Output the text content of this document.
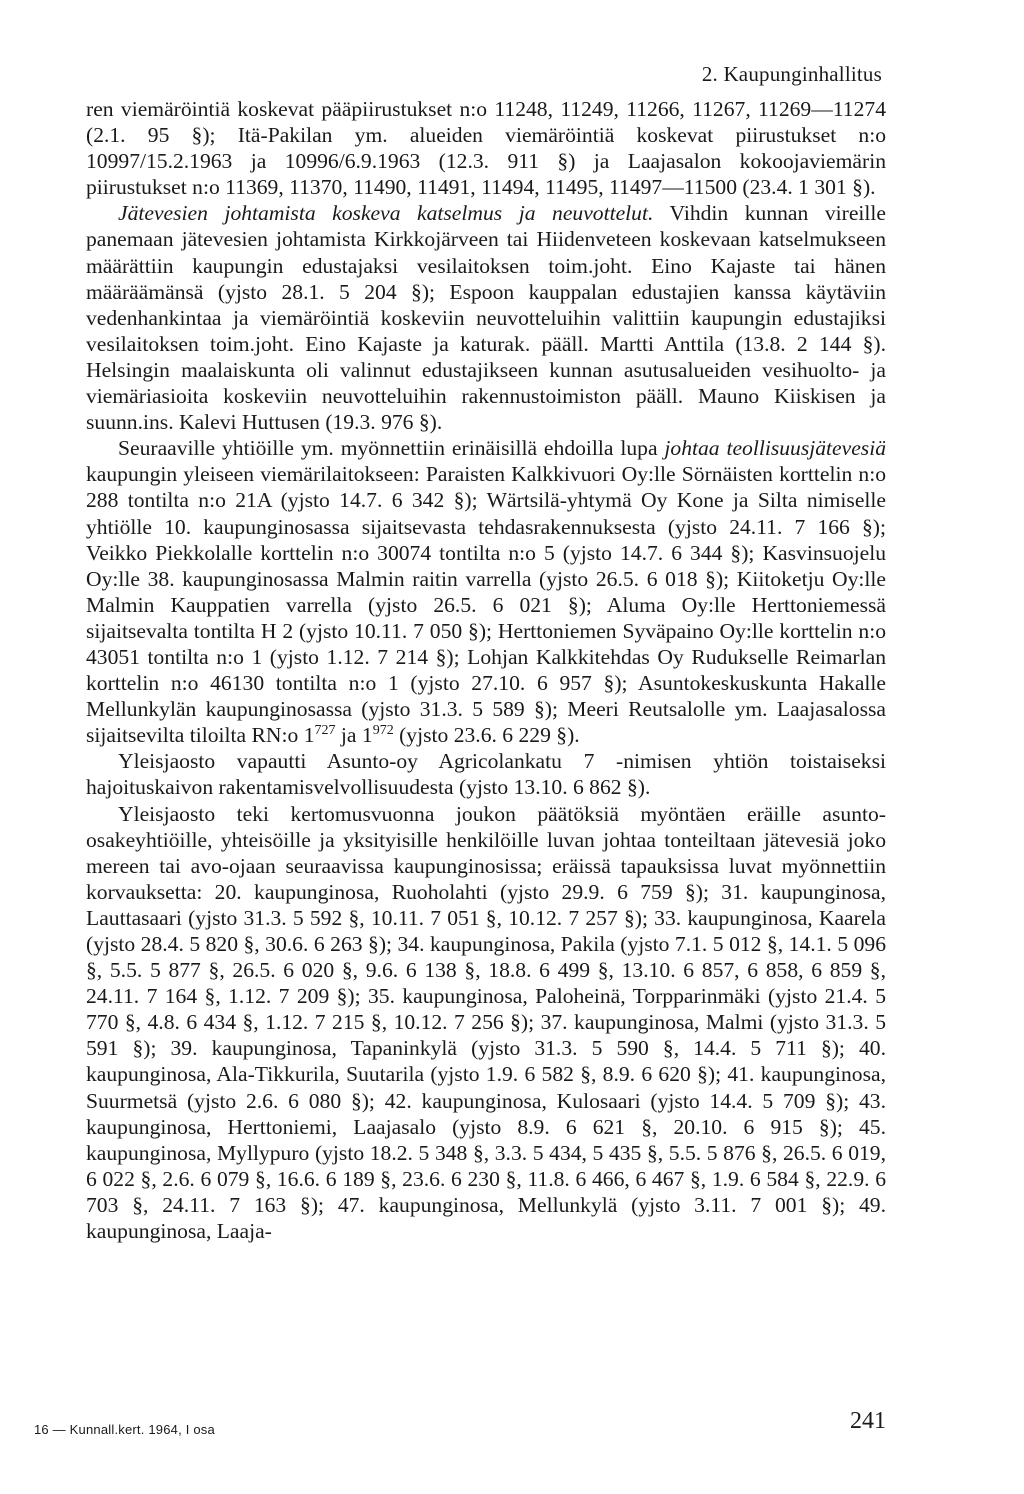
2. Kaupunginhallitus

ren viemäröintiä koskevat pääpiirustukset n:o 11248, 11249, 11266, 11267, 11269—11274 (2.1. 95 §); Itä-Pakilan ym. alueiden viemäröintiä koskevat piirustukset n:o 10997/15.2.1963 ja 10996/6.9.1963 (12.3. 911 §) ja Laajasalon kokoojaviemärin piirustukset n:o 11369, 11370, 11490, 11491, 11494, 11495, 11497—11500 (23.4. 1 301 §).

Jätevesien johtamista koskeva katselmus ja neuvottelut. Vihdin kunnan vireille panemaan jätevesien johtamista Kirkkojärveen tai Hiidenveteen koskevaan katselmukseen määrättiin kaupungin edustajaksi vesilaitoksen toim.joht. Eino Kajaste tai hänen määräämänsä (yjsto 28.1. 5 204 §); Espoon kauppalan edustajien kanssa käytäviin vedenhankintaa ja viemäröintiä koskeviin neuvotteluihin valittiin kaupungin edustajiksi vesilaitoksen toim.joht. Eino Kajaste ja katurak. pääll. Martti Anttila (13.8. 2 144 §). Helsingin maalaiskunta oli valinnut edustajikseen kunnan asutusalueiden vesihuolto- ja viemäriasioita koskeviin neuvotteluihin rakennustoimiston pääll. Mauno Kiiskisen ja suunn.ins. Kalevi Huttusen (19.3. 976 §).

Seuraaville yhtiöille ym. myönnettiin erinäisillä ehdoilla lupa johtaa teollisuusjätevesiä kaupungin yleiseen viemärilaitokseen: Paraisten Kalkkivuori Oy:lle Sörnäisten korttelin n:o 288 tontilta n:o 21A (yjsto 14.7. 6 342 §); Wärtsilä-yhtymä Oy Kone ja Silta nimiselle yhtiölle 10. kaupunginosassa sijaitsevasta tehdasrakennuksesta (yjsto 24.11. 7 166 §); Veikko Piekkolalle korttelin n:o 30074 tontilta n:o 5 (yjsto 14.7. 6 344 §); Kasvinsuojelu Oy:lle 38. kaupunginosassa Malmin raitin varrella (yjsto 26.5. 6 018 §); Kiitoketju Oy:lle Malmin Kauppatien varrella (yjsto 26.5. 6 021 §); Aluma Oy:lle Herttoniemessä sijaitsevalta tontilta H 2 (yjsto 10.11. 7 050 §); Herttoniemen Syväpaino Oy:lle korttelin n:o 43051 tontilta n:o 1 (yjsto 1.12. 7 214 §); Lohjan Kalkkitehdas Oy Rudukselle Reimarlan korttelin n:o 46130 tontilta n:o 1 (yjsto 27.10. 6 957 §); Asuntokeskuskunta Hakalle Mellunkylän kaupunginosassa (yjsto 31.3. 5 589 §); Meeri Reutsalolle ym. Laajasalossa sijaitsevilta tiloilta RN:o $1^{727}$ ja $1^{972}$ (yjsto 23.6. 6 229 §).

Yleisjaosto vapautti Asunto-oy Agricolankatu 7 -nimisen yhtiön toistaiseksi hajoituskaivon rakentamisvelvollisuudesta (yjsto 13.10. 6 862 §).

Yleisjaosto teki kertomusvuonna joukon päätöksiä myöntäen eräille asunto-osakeyhtiöille, yhteisöille ja yksityisille henkilöille luvan johtaa tonteiltaan jätevesiä joko mereen tai avo-ojaan seuraavissa kaupunginosissa; eräissä tapauksissa luvat myönnettiin korvauksetta: 20. kaupunginosa, Ruoholahti (yjsto 29.9. 6 759 §); 31. kaupunginosa, Lauttasaari (yjsto 31.3. 5 592 §, 10.11. 7 051 §, 10.12. 7 257 §); 33. kaupunginosa, Kaarela (yjsto 28.4. 5 820 §, 30.6. 6 263 §); 34. kaupunginosa, Pakila (yjsto 7.1. 5 012 §, 14.1. 5 096 §, 5.5. 5 877 §, 26.5. 6 020 §, 9.6. 6 138 §, 18.8. 6 499 §, 13.10. 6 857, 6 858, 6 859 §, 24.11. 7 164 §, 1.12. 7 209 §); 35. kaupunginosa, Paloheinä, Torpparinmäki (yjsto 21.4. 5 770 §, 4.8. 6 434 §, 1.12. 7 215 §, 10.12. 7 256 §); 37. kaupunginosa, Malmi (yjsto 31.3. 5 591 §); 39. kaupunginosa, Tapaninkylä (yjsto 31.3. 5 590 §, 14.4. 5 711 §); 40. kaupunginosa, Ala-Tikkurila, Suutarila (yjsto 1.9. 6 582 §, 8.9. 6 620 §); 41. kaupunginosa, Suurmetsä (yjsto 2.6. 6 080 §); 42. kaupunginosa, Kulosaari (yjsto 14.4. 5 709 §); 43. kaupunginosa, Herttoniemi, Laajasalo (yjsto 8.9. 6 621 §, 20.10. 6 915 §); 45. kaupunginosa, Myllypuro (yjsto 18.2. 5 348 §, 3.3. 5 434, 5 435 §, 5.5. 5 876 §, 26.5. 6 019, 6 022 §, 2.6. 6 079 §, 16.6. 6 189 §, 23.6. 6 230 §, 11.8. 6 466, 6 467 §, 1.9. 6 584 §, 22.9. 6 703 §, 24.11. 7 163 §); 47. kaupunginosa, Mellunkylä (yjsto 3.11. 7 001 §); 49. kaupunginosa, Laaja-

16 — Kunnall.kert. 1964, I osa	241
